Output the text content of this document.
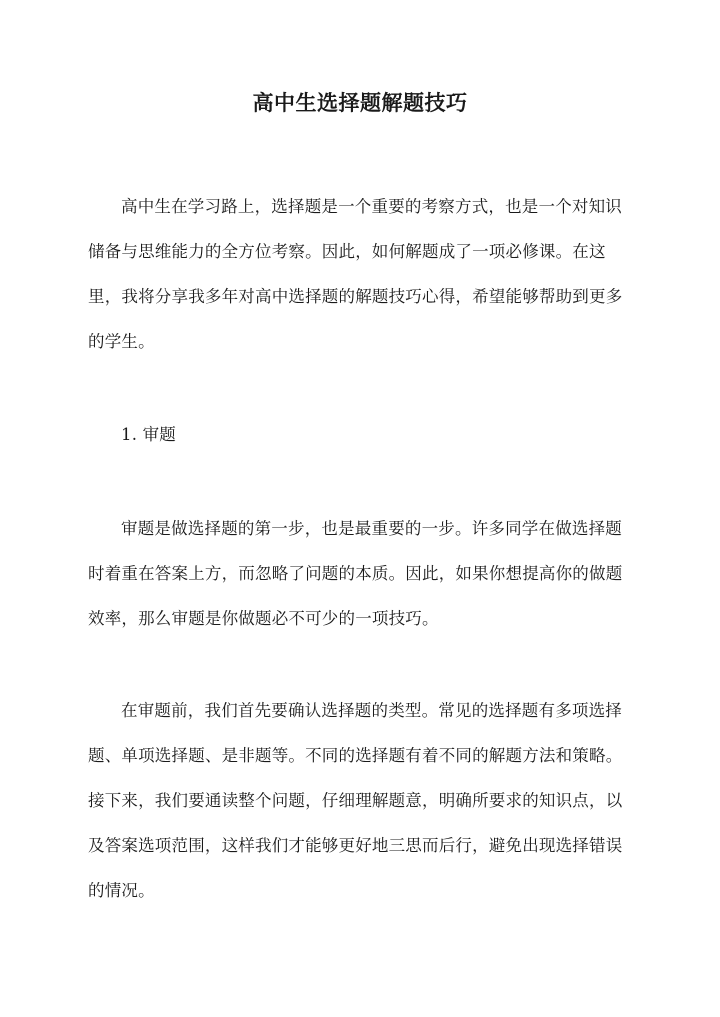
高中生选择题解题技巧

高中生在学习路上，选择题是一个重要的考察方式，也是一个对知识储备与思维能力的全方位考察。因此，如何解题成了一项必修课。在这里，我将分享我多年对高中选择题的解题技巧心得，希望能够帮助到更多的学生。

1. 审题

审题是做选择题的第一步，也是最重要的一步。许多同学在做选择题时着重在答案上方，而忽略了问题的本质。因此，如果你想提高你的做题效率，那么审题是你做题必不可少的一项技巧。

在审题前，我们首先要确认选择题的类型。常见的选择题有多项选择题、单项选择题、是非题等。不同的选择题有着不同的解题方法和策略。接下来，我们要通读整个问题，仔细理解题意，明确所要求的知识点，以及答案选项范围，这样我们才能够更好地三思而后行，避免出现选择错误的情况。
